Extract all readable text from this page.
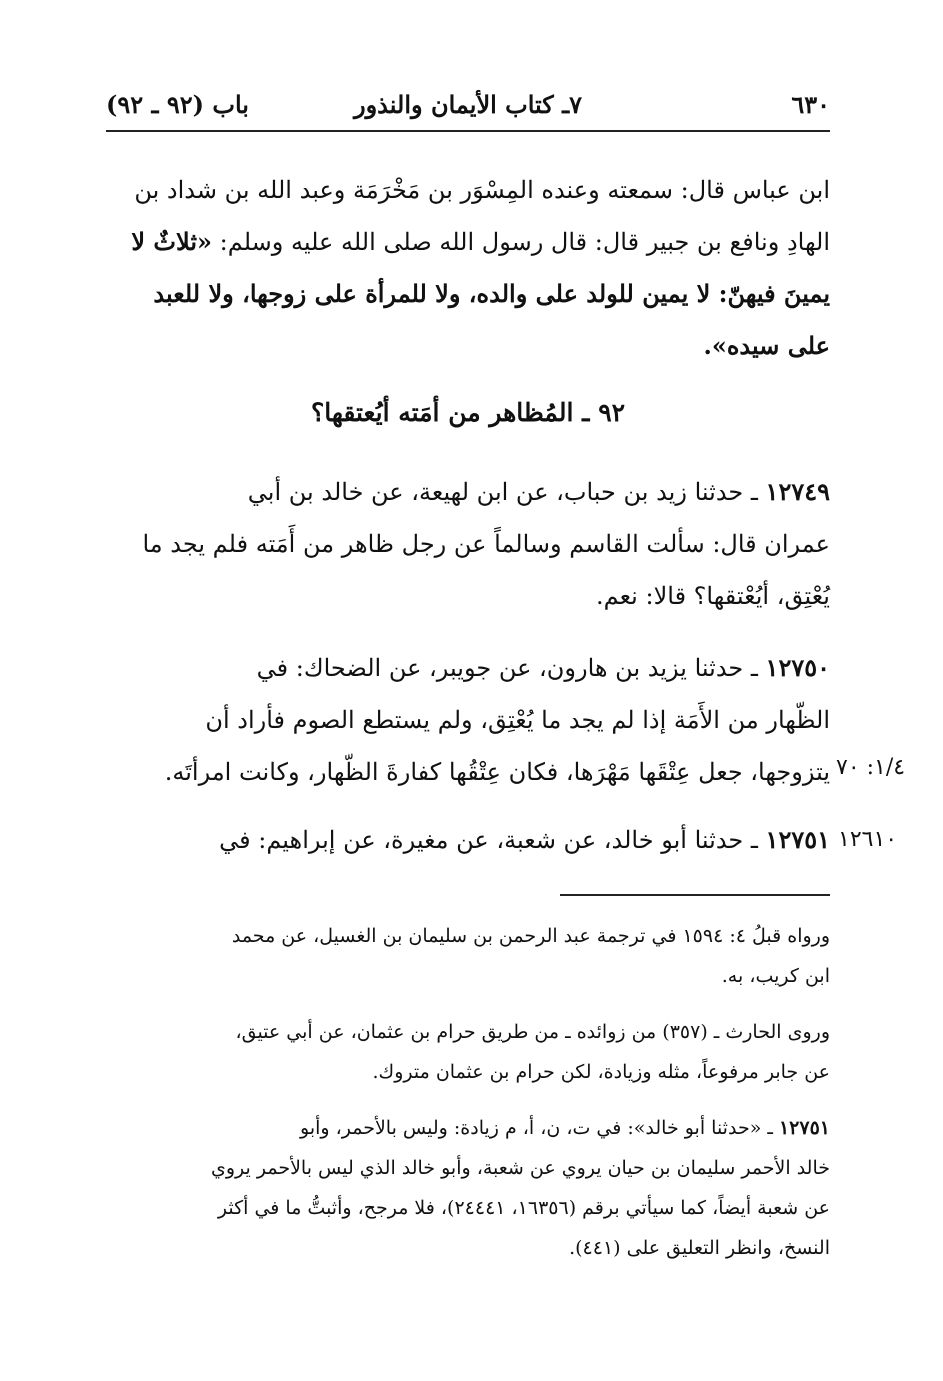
باب (٩٢ ـ ٩٢)	٧ـ كتاب الأيمان والنذور	٦٣٠

ابن عباس قال: سمعته وعنده المِسْوَر بن مَخْرَمَة وعبد الله بن شداد بن

الهادِ ونافع بن جبير قال: قال رسول الله صلى الله عليه وسلم: «ثلاثٌ لا

يمينَ فيهنّ: لا يمين للولد على والده، ولا للمرأة على زوجها، ولا للعبد

على سيده».

٩٢ ـ المُظاهر من أمَته أيُعتقها؟

١٢٧٤٩ ـ حدثنا زيد بن حباب، عن ابن لهيعة، عن خالد بن أبي

عمران قال: سألت القاسم وسالماً عن رجل ظاهر من أَمَته فلم يجد ما

يُعْتِق، أيُعْتقها؟ قالا: نعم.

١٢٧٥٠ ـ حدثنا يزيد بن هارون، عن جويبر، عن الضحاك: في

الظّهار من الأَمَة إذا لم يجد ما يُعْتِق، ولم يستطع الصوم فأراد أن

يتزوجها، جعل عِتْقَها مَهْرَها، فكان عِتْقُها كفارةَ الظّهار، وكانت امرأتَه. ١/٤: ٧٠

١٢٧٥١ ـ حدثنا أبو خالد، عن شعبة، عن مغيرة، عن إبراهيم: في	١٢٦١٠

ورواه قبلُ ٤: ١٥٩٤ في ترجمة عبد الرحمن بن سليمان بن الغسيل، عن محمد

ابن كريب، به.

وروى الحارث ـ (٣٥٧) من زوائده ـ من طريق حرام بن عثمان، عن أبي عتيق،

عن جابر مرفوعاً، مثله وزيادة، لكن حرام بن عثمان متروك.

١٢٧٥١ ـ «حدثنا أبو خالد»: في ت، ن، أ، م زيادة: وليس بالأحمر، وأبو

خالد الأحمر سليمان بن حيان يروي عن شعبة، وأبو خالد الذي ليس بالأحمر يروي

عن شعبة أيضاً، كما سيأتي برقم (١٦٣٥٦، ٢٤٤٤١)، فلا مرجح، وأثبتُّ ما في أكثر

النسخ، وانظر التعليق على (٤٤١).
